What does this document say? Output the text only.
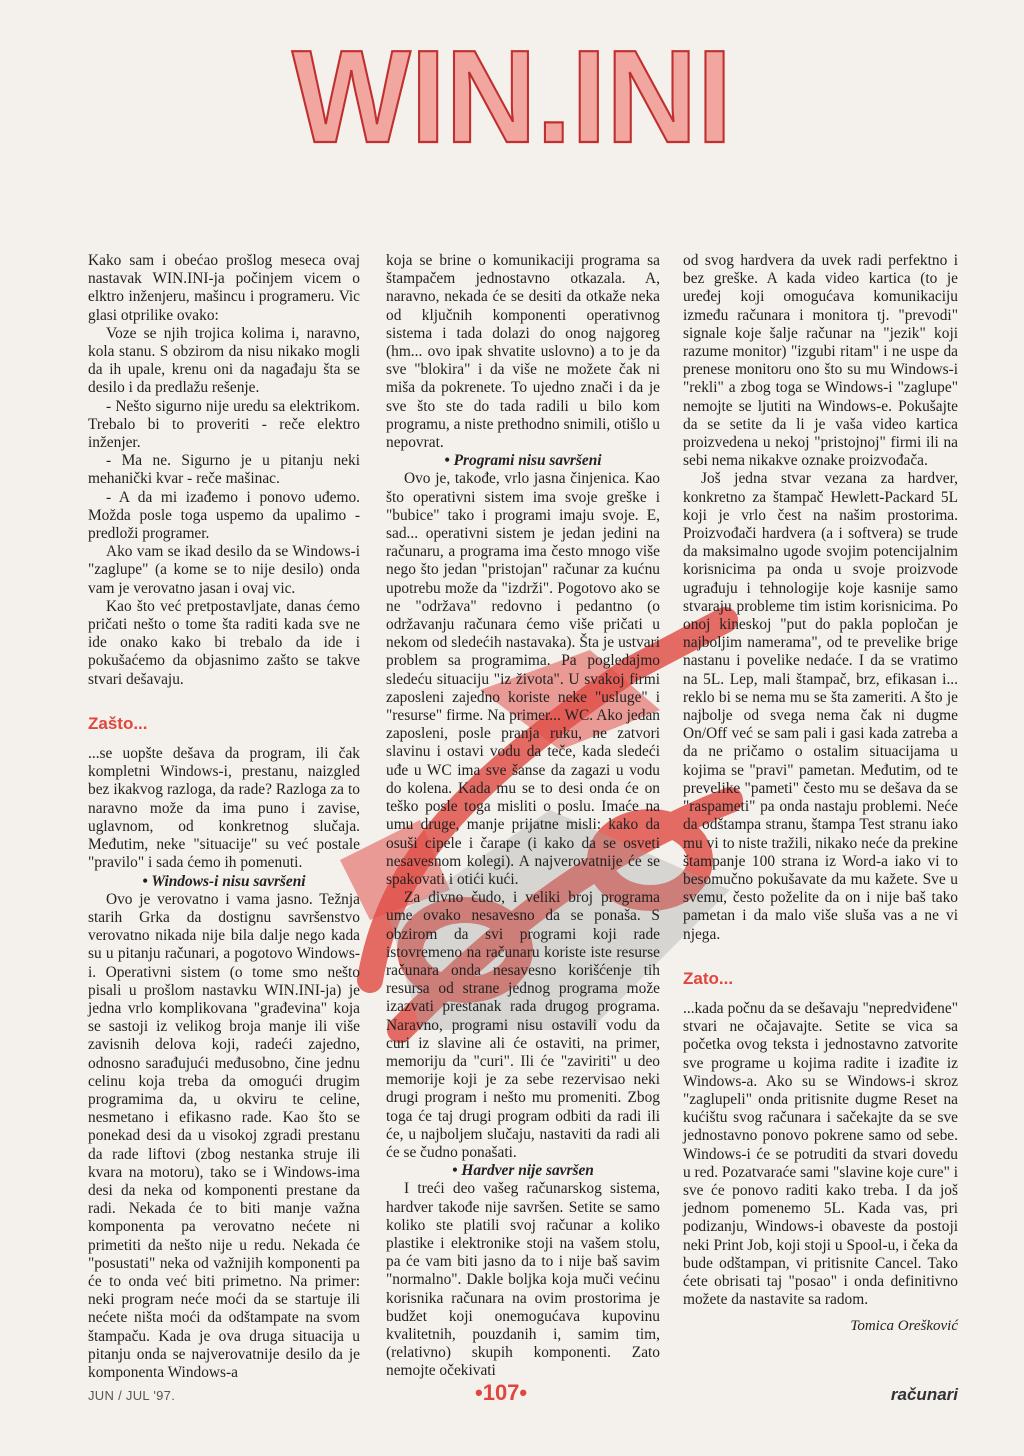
WIN.INI

Kako sam i obećao prošlog meseca ovaj nastavak WIN.INI-ja počinjem vicem o elktro inženjeru, mašincu i programeru. Vic glasi otprilike ovako:

Voze se njih trojica kolima i, naravno, kola stanu. S obzirom da nisu nikako mogli da ih upale, krenu oni da nagađaju šta se desilo i da predlažu rešenje.

- Nešto sigurno nije uredu sa elektrikom. Trebalo bi to proveriti - reče elektro inženjer.

- Ma ne. Sigurno je u pitanju neki mehanički kvar - reče mašinac.

- A da mi izađemo i ponovo uđemo. Možda posle toga uspemo da upalimo - predloži programer.

Ako vam se ikad desilo da se Windows-i "zaglupe" (a kome se to nije desilo) onda vam je verovatno jasan i ovaj vic.

Kao što već pretpostavljate, danas ćemo pričati nešto o tome šta raditi kada sve ne ide onako kako bi trebalo da ide i pokušaćemo da objasnimo zašto se takve stvari dešavaju.

Zašto...

...se uopšte dešava da program, ili čak kompletni Windows-i, prestanu, naizgled bez ikakvog razloga, da rade? Razloga za to naravno može da ima puno i zavise, uglavnom, od konkretnog slučaja. Međutim, neke "situacije" su već postale "pravilo" i sada ćemo ih pomenuti.

• Windows-i nisu savršeni

Ovo je verovatno i vama jasno. Težnja starih Grka da dostignu savršenstvo verovatno nikada nije bila dalje nego kada su u pitanju računari, a pogotovo Windows-i. Operativni sistem (o tome smo nešto pisali u prošlom nastavku WIN.INI-ja) je jedna vrlo komplikovana "građevina" koja se sastoji iz velikog broja manje ili više zavisnih delova koji, radeći zajedno, odnosno sarađujući međusobno, čine jednu celinu koja treba da omogući drugim programima da, u okviru te celine, nesmetano i efikasno rade. Kao što se ponekad desi da u visokoj zgradi prestanu da rade liftovi (zbog nestanka struje ili kvara na motoru), tako se i Windows-ima desi da neka od komponenti prestane da radi. Nekada će to biti manje važna komponenta pa verovatno nećete ni primetiti da nešto nije u redu. Nekada će "posustati" neka od važnijih komponenti pa će to onda već biti primetno. Na primer: neki program neće moći da se startuje ili nećete ništa moći da odštampate na svom štampaču. Kada je ova druga situacija u pitanju onda se najverovatnije desilo da je komponenta Windows-a

koja se brine o komunikaciji programa sa štampačem jednostavno otkazala. A, naravno, nekada će se desiti da otkaže neka od ključnih komponenti operativnog sistema i tada dolazi do onog najgoreg (hm... ovo ipak shvatite uslovno) a to je da sve "blokira" i da više ne možete čak ni miša da pokrenete. To ujedno znači i da je sve što ste do tada radili u bilo kom programu, a niste prethodno snimili, otišlo u nepovrat.

• Programi nisu savršeni

Ovo je, takođe, vrlo jasna činjenica. Kao što operativni sistem ima svoje greške i "bubice" tako i programi imaju svoje. E, sad... operativni sistem je jedan jedini na računaru, a programa ima često mnogo više nego što jedan "pristojan" računar za kućnu upotrebu može da "izdrži". Pogotovo ako se ne "održava" redovno i pedantno (o održavanju računara ćemo više pričati u nekom od sledećih nastavaka). Šta je ustvari problem sa programima. Pa pogledajmo sledeću situaciju "iz života". U svakoj firmi zaposleni zajedno koriste neke "usluge" i "resurse" firme. Na primer... WC. Ako jedan zaposleni, posle pranja ruku, ne zatvori slavinu i ostavi vodu da teče, kada sledeći uđe u WC ima sve šanse da zagazi u vodu do kolena. Kada mu se to desi onda će on teško posle toga misliti o poslu. Imaće na umu druge, manje prijatne misli: kako da osuši cipele i čarape (i kako da se osveti nesavesnom kolegi). A najverovatnije će se spakovati i otići kući.

Za divno čudo, i veliki broj programa ume ovako nesavesno da se ponaša. S obzirom da svi programi koji rade istovremeno na računaru koriste iste resurse računara onda nesavesno korišćenje tih resursa od strane jednog programa može izazvati prestanak rada drugog programa. Naravno, programi nisu ostavili vodu da curi iz slavine ali će ostaviti, na primer, memoriju da "curi". Ili će "zaviriti" u deo memorije koji je za sebe rezervisao neki drugi program i nešto mu promeniti. Zbog toga će taj drugi program odbiti da radi ili će, u najboljem slučaju, nastaviti da radi ali će se čudno ponašati.

• Hardver nije savršen

I treći deo vašeg računarskog sistema, hardver takođe nije savršen. Setite se samo koliko ste platili svoj računar a koliko plastike i elektronike stoji na vašem stolu, pa će vam biti jasno da to i nije baš savim "normalno". Dakle boljka koja muči većinu korisnika računara na ovim prostorima je budžet koji onemogućava kupovinu kvalitetnih, pouzdanih i, samim tim, (relativno) skupih komponenti. Zato nemojte očekivati

od svog hardvera da uvek radi perfektno i bez greške. A kada video kartica (to je uređej koji omogućava komunikaciju između računara i monitora tj. "prevodi" signale koje šalje računar na "jezik" koji razume monitor) "izgubi ritam" i ne uspe da prenese monitoru ono što su mu Windows-i "rekli" a zbog toga se Windows-i "zaglupe" nemojte se ljutiti na Windows-e. Pokušajte da se setite da li je vaša video kartica proizvedena u nekoj "pristojnoj" firmi ili na sebi nema nikakve oznake proizvođača.

Još jedna stvar vezana za hardver, konkretno za štampač Hewlett-Packard 5L koji je vrlo čest na našim prostorima. Proizvođači hardvera (a i softvera) se trude da maksimalno ugode svojim potencijalnim korisnicima pa onda u svoje proizvode ugrađuju i tehnologije koje kasnije samo stvaraju probleme tim istim korisnicima. Po onoj kineskoj "put do pakla popločan je najboljim namerama", od te prevelike brige nastanu i povelike nedaće. I da se vratimo na 5L. Lep, mali štampač, brz, efikasan i... reklo bi se nema mu se šta zameriti. A što je najbolje od svega nema čak ni dugme On/Off već se sam pali i gasi kada zatreba a da ne pričamo o ostalim situacijama u kojima se "pravi" pametan. Međutim, od te prevelike "pameti" često mu se dešava da se "raspameti" pa onda nastaju problemi. Neće da odštampa stranu, štampa Test stranu iako mu vi to niste tražili, nikako neće da prekine štampanje 100 strana iz Word-a iako vi to besomučno pokušavate da mu kažete. Sve u svemu, često poželite da on i nije baš tako pametan i da malo više sluša vas a ne vi njega.

Zato...

...kada počnu da se dešavaju "nepredviđene" stvari ne očajavajte. Setite se vica sa početka ovog teksta i jednostavno zatvorite sve programe u kojima radite i izađite iz Windows-a. Ako su se Windows-i skroz "zaglupeli" onda pritisnite dugme Reset na kućištu svog računara i sačekajte da se sve jednostavno ponovo pokrene samo od sebe. Windows-i će se potruditi da stvari dovedu u red. Pozatvaraće sami "slavine koje cure" i sve će ponovo raditi kako treba. I da još jednom pomenemo 5L. Kada vas, pri podizanju, Windows-i obaveste da postoji neki Print Job, koji stoji u Spool-u, i čeka da bude odštampan, vi pritisnite Cancel. Tako ćete obrisati taj "posao" i onda definitivno možete da nastavite sa radom.

Tomica Orešković
JUN / JUL '97.	•107•	računari
